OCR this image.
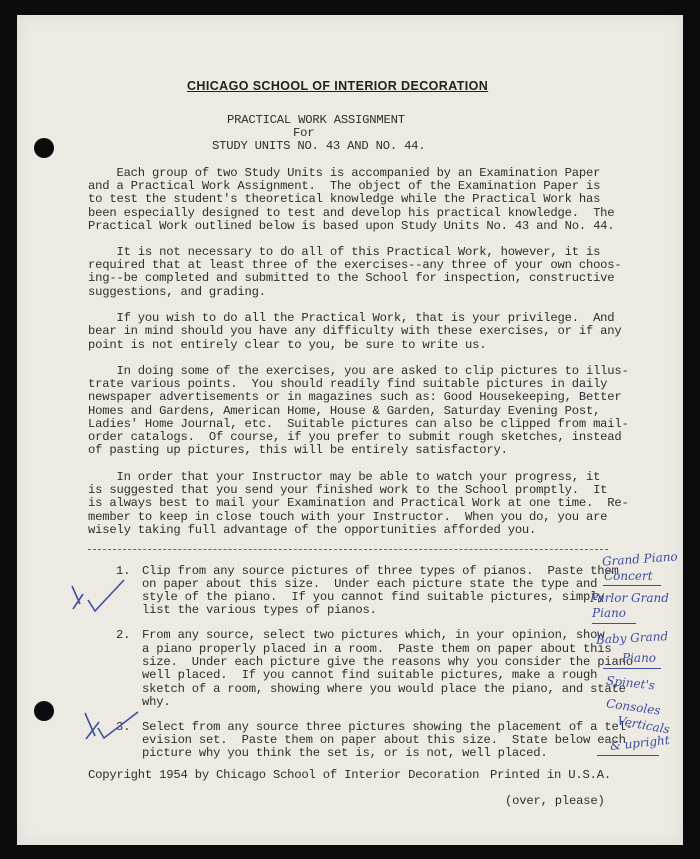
CHICAGO SCHOOL OF INTERIOR DECORATION
PRACTICAL WORK ASSIGNMENT
For
STUDY UNITS NO. 43 AND NO. 44.
Each group of two Study Units is accompanied by an Examination Paper
and a Practical Work Assignment.  The object of the Examination Paper is
to test the student's theoretical knowledge while the Practical Work has
been especially designed to test and develop his practical knowledge.  The
Practical Work outlined below is based upon Study Units No. 43 and No. 44.
It is not necessary to do all of this Practical Work, however, it is
required that at least three of the exercises--any three of your own choos-
ing--be completed and submitted to the School for inspection, constructive
suggestions, and grading.
If you wish to do all the Practical Work, that is your privilege.  And
bear in mind should you have any difficulty with these exercises, or if any
point is not entirely clear to you, be sure to write us.
In doing some of the exercises, you are asked to clip pictures to illus-
trate various points.  You should readily find suitable pictures in daily
newspaper advertisements or in magazines such as: Good Housekeeping, Better
Homes and Gardens, American Home, House & Garden, Saturday Evening Post,
Ladies' Home Journal, etc.  Suitable pictures can also be clipped from mail-
order catalogs.  Of course, if you prefer to submit rough sketches, instead
of pasting up pictures, this will be entirely satisfactory.
In order that your Instructor may be able to watch your progress, it
is suggested that you send your finished work to the School promptly.  It
is always best to mail your Examination and Practical Work at one time.  Re-
member to keep in close touch with your Instructor.  When you do, you are
wisely taking full advantage of the opportunities afforded you.
1. Clip from any source pictures of three types of pianos.  Paste them
on paper about this size.  Under each picture state the type and
style of the piano.  If you cannot find suitable pictures, simply
list the various types of pianos.
2. From any source, select two pictures which, in your opinion, show
a piano properly placed in a room.  Paste them on paper about this
size.  Under each picture give the reasons why you consider the piano
well placed.  If you cannot find suitable pictures, make a rough
sketch of a room, showing where you would place the piano, and state
why.
3. Select from any source three pictures showing the placement of a tel-
evision set.  Paste them on paper about this size.  State below each
picture why you think the set is, or is not, well placed.
Copyright 1954 by Chicago School of Interior Decoration Printed in U.S.A.
(over, please)
Grand Piano
Concert
Parlor Grand
Piano
Baby Grand
Piano
Spinet's
Consoles
Verticals
& upright
